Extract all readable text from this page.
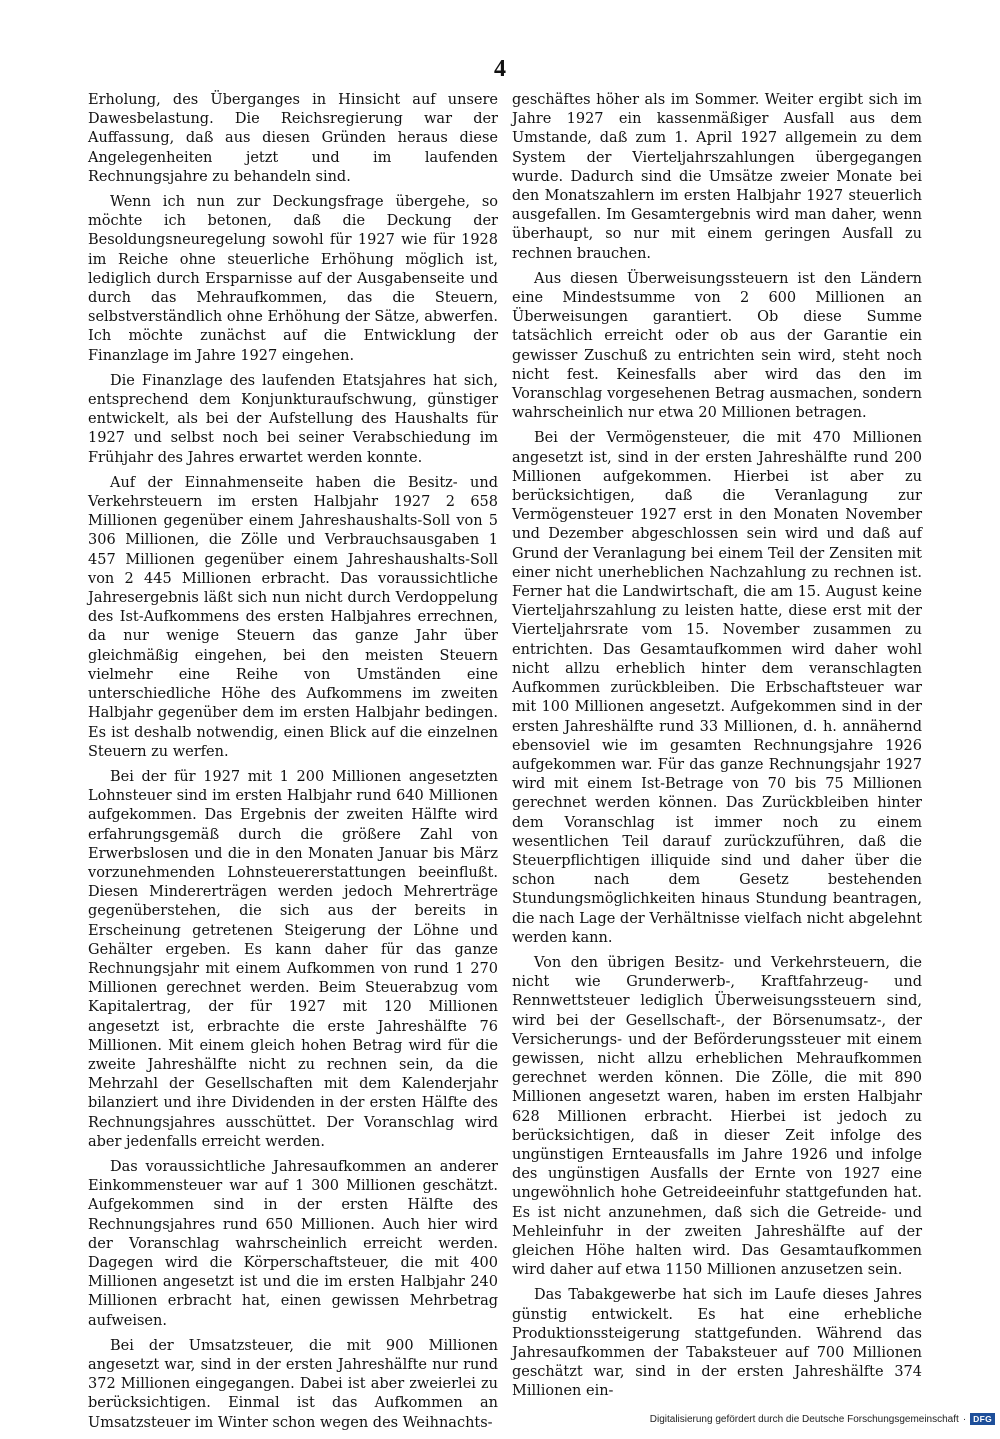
4

Erholung, des Überganges in Hinsicht auf unsere Dawesbelastung. Die Reichsregierung war der Auffassung, daß aus diesen Gründen heraus diese Angelegenheiten jetzt und im laufenden Rechnungsjahre zu behandeln sind.

Wenn ich nun zur Deckungsfrage übergehe, so möchte ich betonen, daß die Deckung der Besoldungsneuregelung sowohl für 1927 wie für 1928 im Reiche ohne steuerliche Erhöhung möglich ist, lediglich durch Ersparnisse auf der Ausgabenseite und durch das Mehraufkommen, das die Steuern, selbstverständlich ohne Erhöhung der Sätze, abwerfen. Ich möchte zunächst auf die Entwicklung der Finanzlage im Jahre 1927 eingehen.

Die Finanzlage des laufenden Etatsjahres hat sich, entsprechend dem Konjunkturaufschwung, günstiger entwickelt, als bei der Aufstellung des Haushalts für 1927 und selbst noch bei seiner Verabschiedung im Frühjahr des Jahres erwartet werden konnte.

Auf der Einnahmenseite haben die Besitz- und Verkehrsteuern im ersten Halbjahr 1927 2 658 Millionen gegenüber einem Jahreshaushalts-Soll von 5 306 Millionen, die Zölle und Verbrauchsausgaben 1 457 Millionen gegenüber einem Jahreshaushalts-Soll von 2 445 Millionen erbracht. Das voraussichtliche Jahresergebnis läßt sich nun nicht durch Verdoppelung des Ist-Aufkommens des ersten Halbjahres errechnen, da nur wenige Steuern das ganze Jahr über gleichmäßig eingehen, bei den meisten Steuern vielmehr eine Reihe von Umständen eine unterschiedliche Höhe des Aufkommens im zweiten Halbjahr gegenüber dem im ersten Halbjahr bedingen. Es ist deshalb notwendig, einen Blick auf die einzelnen Steuern zu werfen.

Bei der für 1927 mit 1 200 Millionen angesetzten Lohnsteuer sind im ersten Halbjahr rund 640 Millionen aufgekommen. Das Ergebnis der zweiten Hälfte wird erfahrungsgemäß durch die größere Zahl von Erwerbslosen und die in den Monaten Januar bis März vorzunehmenden Lohnsteuererstattungen beeinflußt. Diesen Mindererträgen werden jedoch Mehrerträge gegenüberstehen, die sich aus der bereits in Erscheinung getretenen Steigerung der Löhne und Gehälter ergeben. Es kann daher für das ganze Rechnungsjahr mit einem Aufkommen von rund 1 270 Millionen gerechnet werden. Beim Steuerabzug vom Kapitalertrag, der für 1927 mit 120 Millionen angesetzt ist, erbrachte die erste Jahreshälfte 76 Millionen. Mit einem gleich hohen Betrag wird für die zweite Jahreshälfte nicht zu rechnen sein, da die Mehrzahl der Gesellschaften mit dem Kalenderjahr bilanziert und ihre Dividenden in der ersten Hälfte des Rechnungsjahres ausschüttet. Der Voranschlag wird aber jedenfalls erreicht werden.

Das voraussichtliche Jahresaufkommen an anderer Einkommensteuer war auf 1 300 Millionen geschätzt. Aufgekommen sind in der ersten Hälfte des Rechnungsjahres rund 650 Millionen. Auch hier wird der Voranschlag wahrscheinlich erreicht werden. Dagegen wird die Körperschaftsteuer, die mit 400 Millionen angesetzt ist und die im ersten Halbjahr 240 Millionen erbracht hat, einen gewissen Mehrbetrag aufweisen.

Bei der Umsatzsteuer, die mit 900 Millionen angesetzt war, sind in der ersten Jahreshälfte nur rund 372 Millionen eingegangen. Dabei ist aber zweierlei zu berücksichtigen. Einmal ist das Aufkommen an Umsatzsteuer im Winter schon wegen des Weihnachts-

geschäftes höher als im Sommer. Weiter ergibt sich im Jahre 1927 ein kassenmäßiger Ausfall aus dem Umstande, daß zum 1. April 1927 allgemein zu dem System der Vierteljahrszahlungen übergegangen wurde. Dadurch sind die Umsätze zweier Monate bei den Monatszahlern im ersten Halbjahr 1927 steuerlich ausgefallen. Im Gesamtergebnis wird man daher, wenn überhaupt, so nur mit einem geringen Ausfall zu rechnen brauchen.

Aus diesen Überweisungssteuern ist den Ländern eine Mindestsumme von 2 600 Millionen an Überweisungen garantiert. Ob diese Summe tatsächlich erreicht oder ob aus der Garantie ein gewisser Zuschuß zu entrichten sein wird, steht noch nicht fest. Keinesfalls aber wird das den im Voranschlag vorgesehenen Betrag ausmachen, sondern wahrscheinlich nur etwa 20 Millionen betragen.

Bei der Vermögensteuer, die mit 470 Millionen angesetzt ist, sind in der ersten Jahreshälfte rund 200 Millionen aufgekommen. Hierbei ist aber zu berücksichtigen, daß die Veranlagung zur Vermögensteuer 1927 erst in den Monaten November und Dezember abgeschlossen sein wird und daß auf Grund der Veranlagung bei einem Teil der Zensiten mit einer nicht unerheblichen Nachzahlung zu rechnen ist. Ferner hat die Landwirtschaft, die am 15. August keine Vierteljahrszahlung zu leisten hatte, diese erst mit der Vierteljahrsrate vom 15. November zusammen zu entrichten. Das Gesamtaufkommen wird daher wohl nicht allzu erheblich hinter dem veranschlagten Aufkommen zurückbleiben. Die Erbschaftsteuer war mit 100 Millionen angesetzt. Aufgekommen sind in der ersten Jahreshälfte rund 33 Millionen, d. h. annähernd ebensoviel wie im gesamten Rechnungsjahre 1926 aufgekommen war. Für das ganze Rechnungsjahr 1927 wird mit einem Ist-Betrage von 70 bis 75 Millionen gerechnet werden können. Das Zurückbleiben hinter dem Voranschlag ist immer noch zu einem wesentlichen Teil darauf zurückzuführen, daß die Steuerpflichtigen illiquide sind und daher über die schon nach dem Gesetz bestehenden Stundungsmöglichkeiten hinaus Stundung beantragen, die nach Lage der Verhältnisse vielfach nicht abgelehnt werden kann.

Von den übrigen Besitz- und Verkehrsteuern, die nicht wie Grunderwerb-, Kraftfahrzeug- und Rennwettsteuer lediglich Überweisungssteuern sind, wird bei der Gesellschaft-, der Börsenumsatz-, der Versicherungs- und der Beförderungssteuer mit einem gewissen, nicht allzu erheblichen Mehraufkommen gerechnet werden können. Die Zölle, die mit 890 Millionen angesetzt waren, haben im ersten Halbjahr 628 Millionen erbracht. Hierbei ist jedoch zu berücksichtigen, daß in dieser Zeit infolge des ungünstigen Ernteausfalls im Jahre 1926 und infolge des ungünstigen Ausfalls der Ernte von 1927 eine ungewöhnlich hohe Getreideeinfuhr stattgefunden hat. Es ist nicht anzunehmen, daß sich die Getreide- und Mehleinfuhr in der zweiten Jahreshälfte auf der gleichen Höhe halten wird. Das Gesamtaufkommen wird daher auf etwa 1150 Millionen anzusetzen sein.

Das Tabakgewerbe hat sich im Laufe dieses Jahres günstig entwickelt. Es hat eine erhebliche Produktionssteigerung stattgefunden. Während das Jahresaufkommen der Tabaksteuer auf 700 Millionen geschätzt war, sind in der ersten Jahreshälfte 374 Millionen ein-

Digitalisierung gefördert durch die Deutsche Forschungsgemeinschaft · DFG
